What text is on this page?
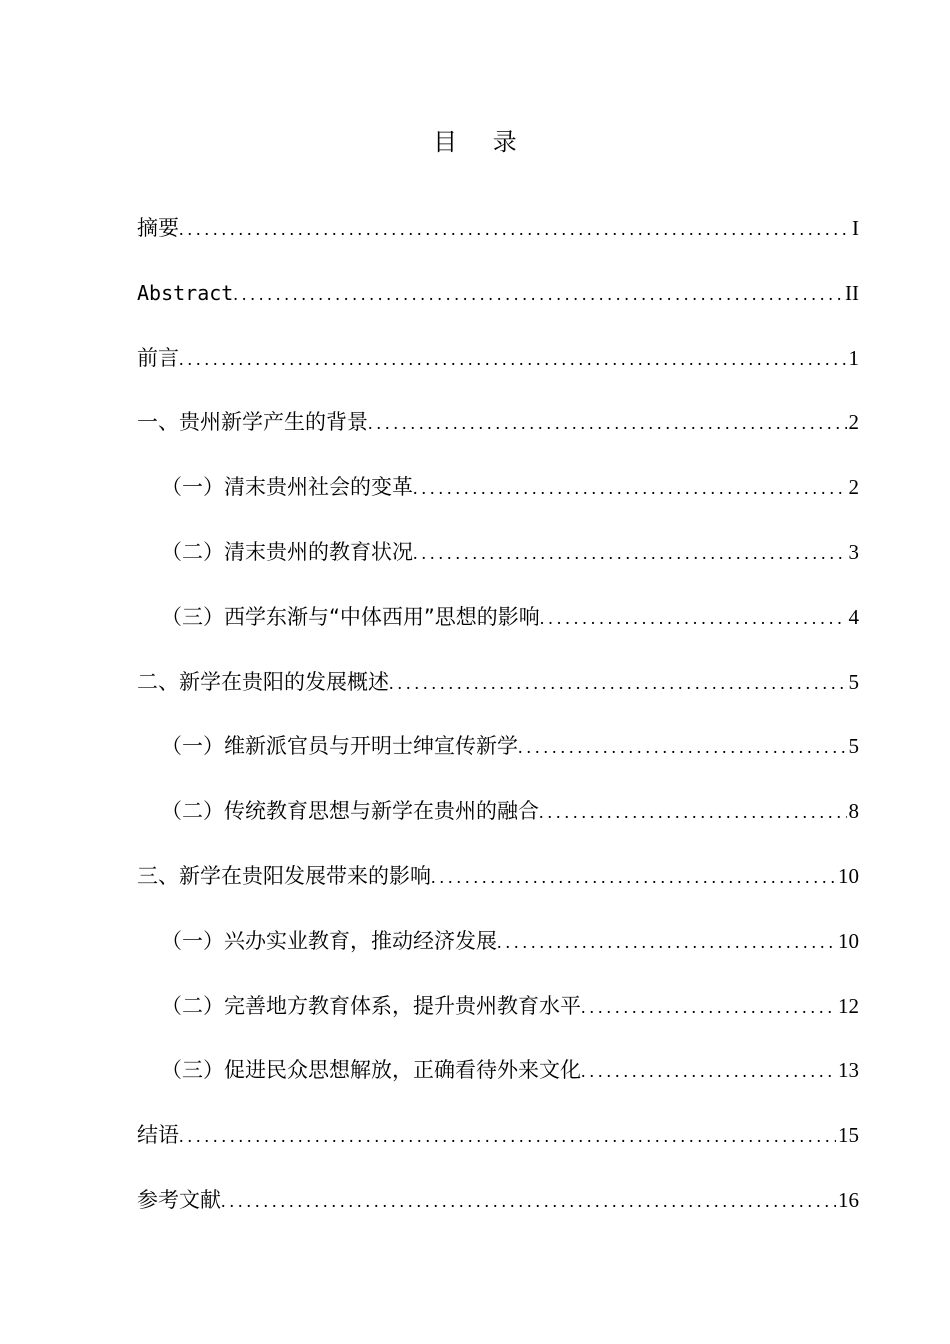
目 录
摘要 . . .	I
Abstract . . .	II
前言 . . .	1
一、贵州新学产生的背景 . . .	2
（一）清末贵州社会的变革 . . .	2
（二）清末贵州的教育状况 . . .	3
（三）西学东渐与“中体西用”思想的影响 . . .	4
二、新学在贵阳的发展概述 . . .	5
（一）维新派官员与开明士绅宣传新学 . . .	5
（二）传统教育思想与新学在贵州的融合 . . .	8
三、新学在贵阳发展带来的影响 . . .	10
（一）兴办实业教育，推动经济发展 . . .	10
（二）完善地方教育体系，提升贵州教育水平 . . .	12
（三）促进民众思想解放，正确看待外来文化 . . .	13
结语 . . .	15
参考文献 . . .	16
